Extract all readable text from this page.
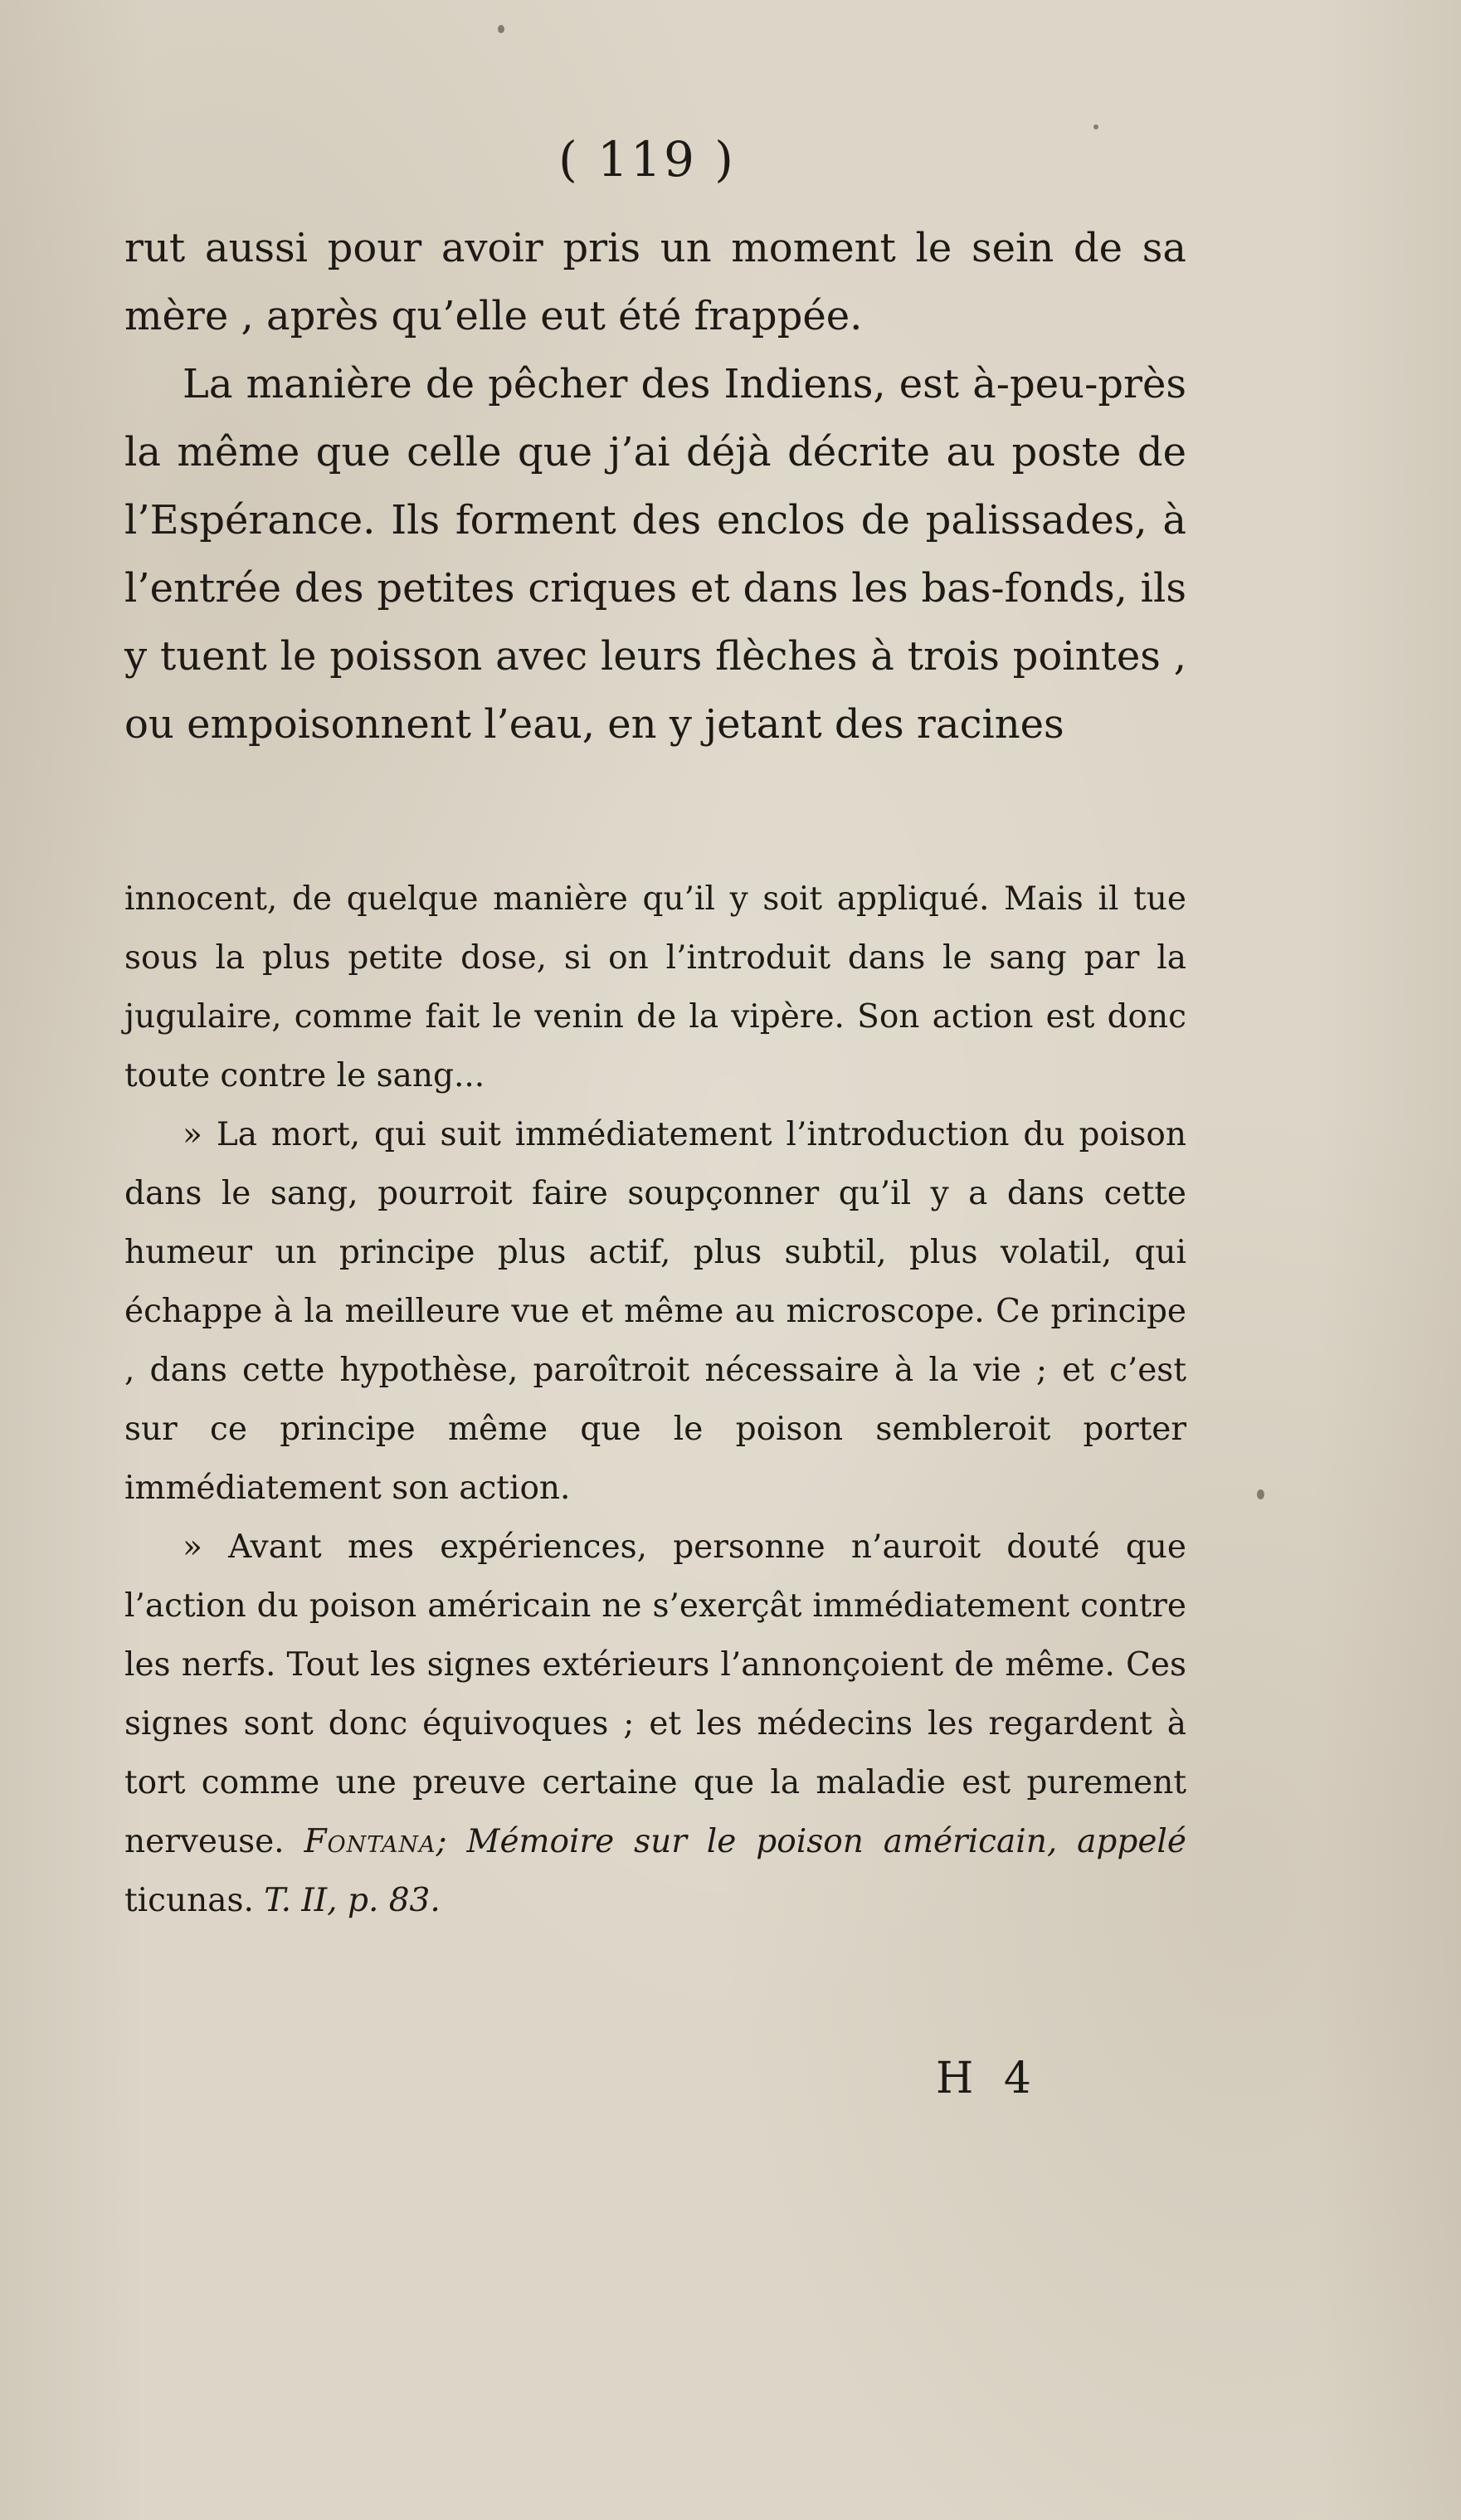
( 119 )

rut aussi pour avoir pris un moment le sein de sa mère , après qu’elle eut été frappée.

La manière de pêcher des Indiens, est à-peu-près la même que celle que j’ai déjà décrite au poste de l’Espérance. Ils forment des enclos de palissades, à l’entrée des petites criques et dans les bas-fonds, ils y tuent le poisson avec leurs flèches à trois pointes , ou empoisonnent l’eau, en y jetant des racines

innocent, de quelque manière qu’il y soit appliqué. Mais il tue sous la plus petite dose, si on l’introduit dans le sang par la jugulaire, comme fait le venin de la vipère. Son action est donc toute contre le sang...

» La mort, qui suit immédiatement l’introduction du poison dans le sang, pourroit faire soupçonner qu’il y a dans cette humeur un principe plus actif, plus subtil, plus volatil, qui échappe à la meilleure vue et même au microscope. Ce principe , dans cette hypothèse, paroîtroit nécessaire à la vie ; et c’est sur ce principe même que le poison sembleroit porter immédiatement son action.

» Avant mes expériences, personne n’auroit douté que l’action du poison américain ne s’exerçât immédiatement contre les nerfs. Tout les signes extérieurs l’annonçoient de même. Ces signes sont donc équivoques ; et les médecins les regardent à tort comme une preuve certaine que la maladie est purement nerveuse. Fontana; Mémoire sur le poison américain, appelé ticunas. T. II, p. 83.

H 4
